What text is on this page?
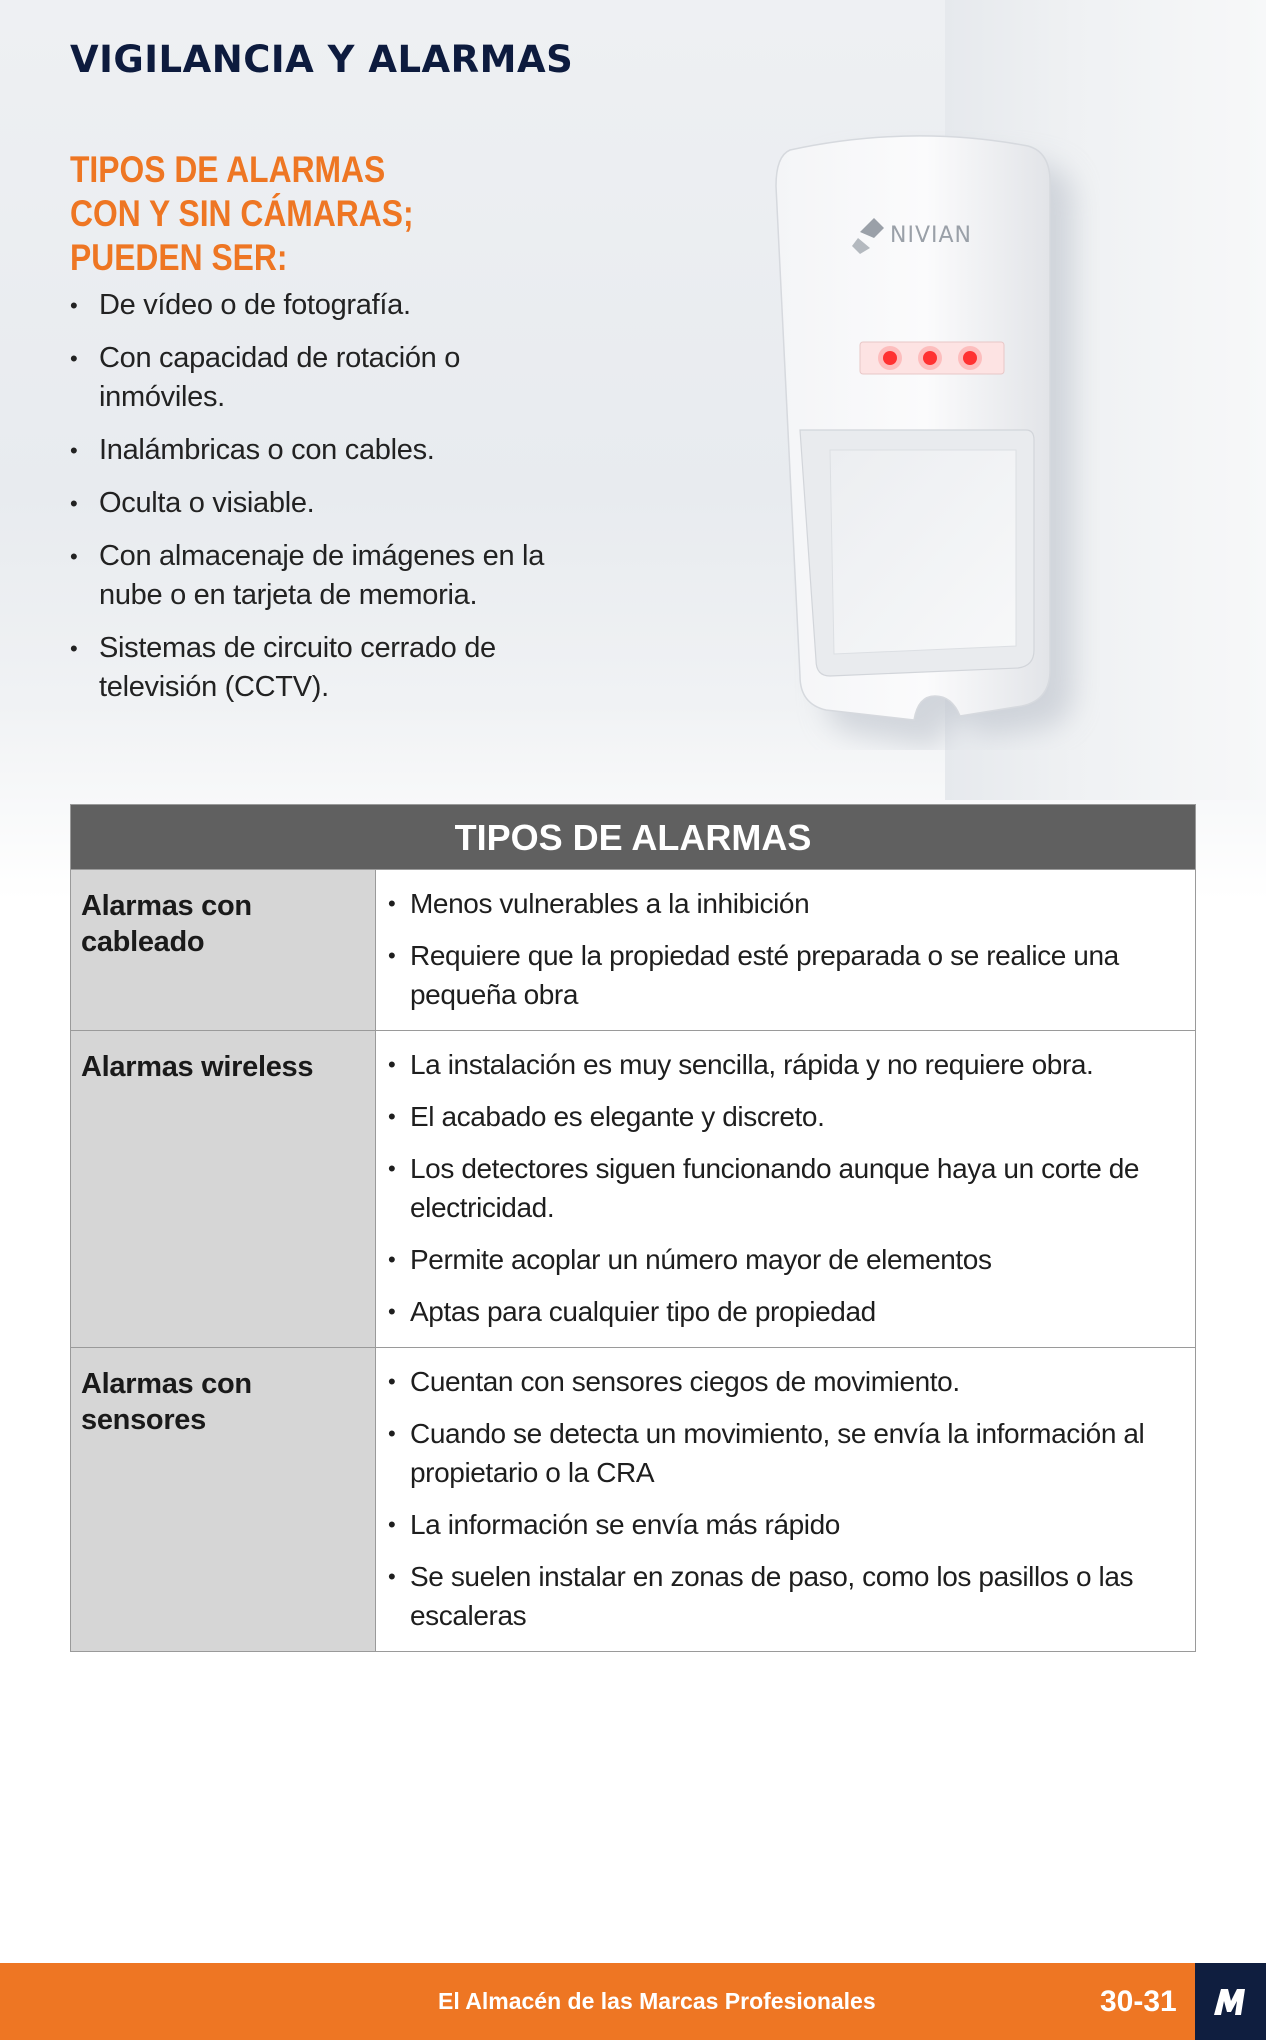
VIGILANCIA Y ALARMAS
TIPOS DE ALARMAS
CON Y SIN CÁMARAS;
PUEDEN SER:
• De vídeo o de fotografía.
• Con capacidad de rotación o inmóviles.
• Inalámbricas o con cables.
• Oculta o visiable.
• Con almacenaje de imágenes en la nube o en tarjeta de memoria.
• Sistemas de circuito cerrado de televisión (CCTV).
NIVIAN
TIPOS DE ALARMAS
Alarmas con cableado
• Menos vulnerables a la inhibición
• Requiere que la propiedad esté preparada o se realice una pequeña obra
Alarmas wireless
•	La instalación es muy sencilla, rápida y no requiere obra.
• El acabado es elegante y discreto.
• Los detectores siguen funcionando aunque haya un corte de electricidad.
• Permite acoplar un número mayor de elementos
• Aptas para cualquier tipo de propiedad
Alarmas con sensores
• Cuentan con sensores ciegos de movimiento.
• Cuando se detecta un movimiento, se envía la información al propietario o la CRA
• La información se envía más rápido
• Se suelen instalar en zonas de paso, como los pasillos o las escaleras
El Almacén de las Marcas Profesionales	30-31
